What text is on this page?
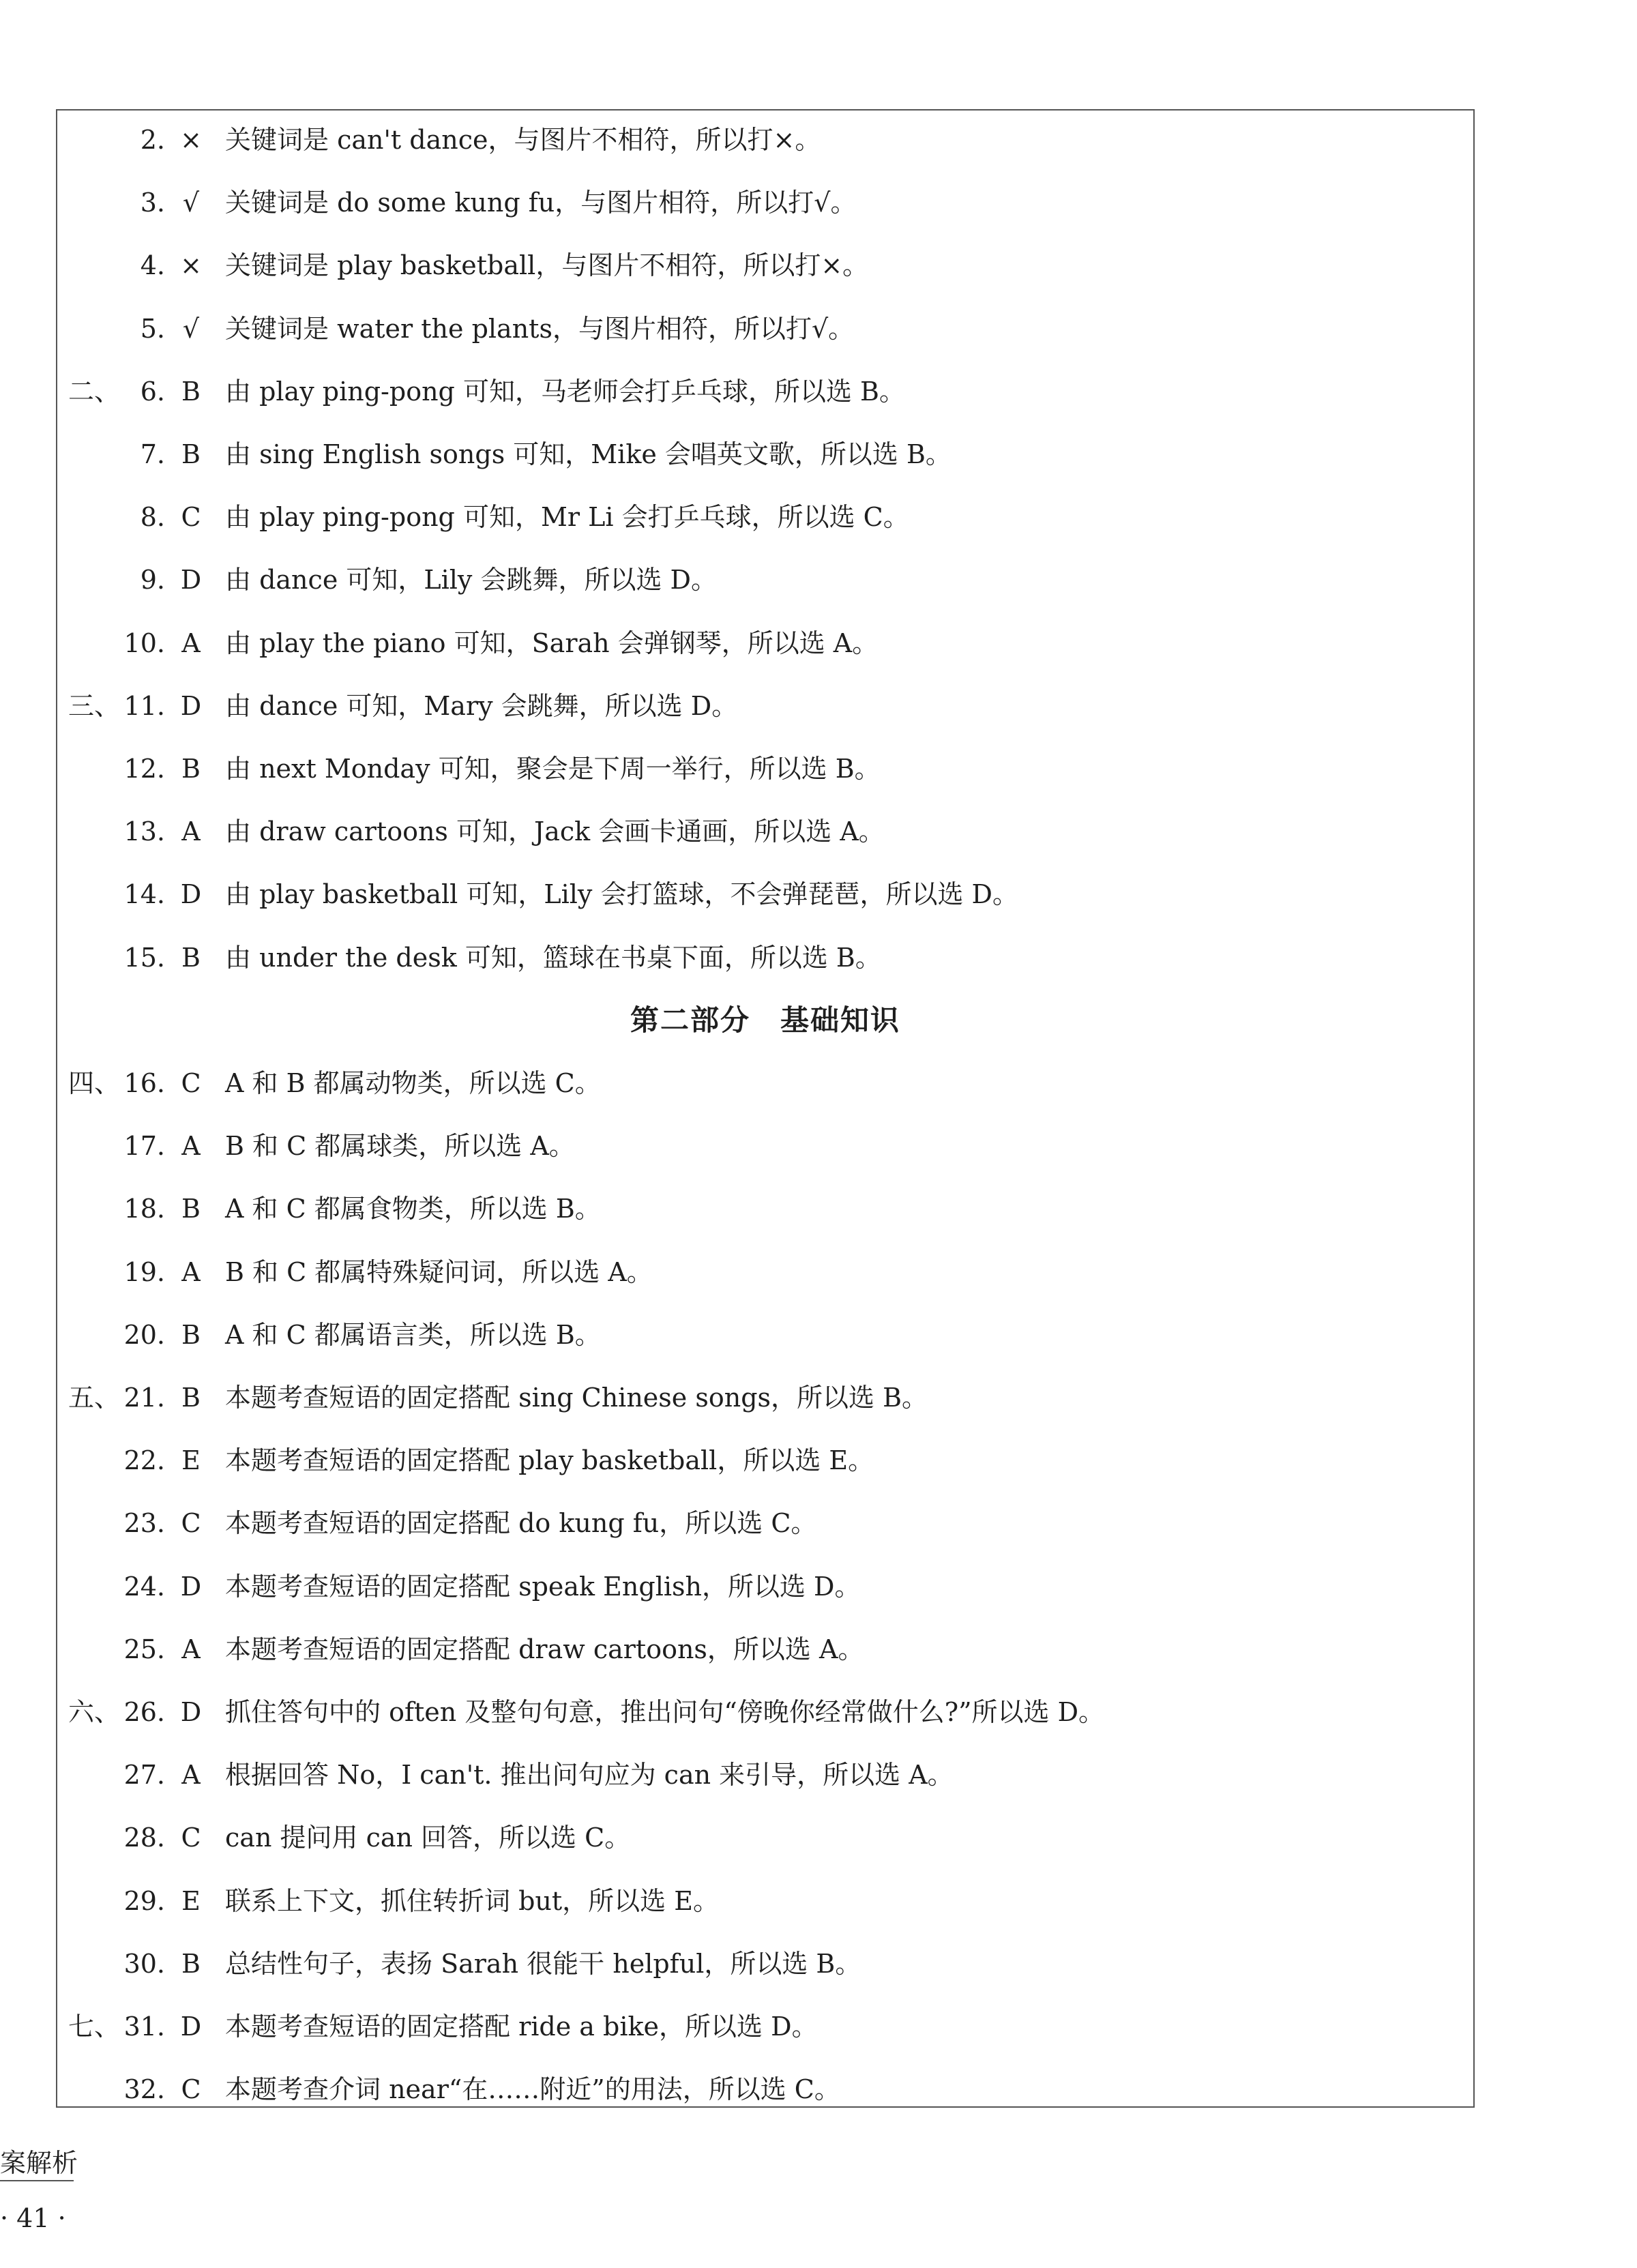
2. × 关键词是 can't dance，与图片不相符，所以打×。
3. √ 关键词是 do some kung fu，与图片相符，所以打√。
4. × 关键词是 play basketball，与图片不相符，所以打×。
5. √ 关键词是 water the plants，与图片相符，所以打√。
二、 6. B 由 play ping-pong 可知，马老师会打乒乓球，所以选 B。
7. B 由 sing English songs 可知，Mike 会唱英文歌，所以选 B。
8. C 由 play ping-pong 可知，Mr Li 会打乒乓球，所以选 C。
9. D 由 dance 可知，Lily 会跳舞，所以选 D。
10. A 由 play the piano 可知，Sarah 会弹钢琴，所以选 A。
三、 11. D 由 dance 可知，Mary 会跳舞，所以选 D。
12. B 由 next Monday 可知，聚会是下周一举行，所以选 B。
13. A 由 draw cartoons 可知，Jack 会画卡通画，所以选 A。
14. D 由 play basketball 可知，Lily 会打篮球，不会弹琵琶，所以选 D。
15. B 由 under the desk 可知，篮球在书桌下面，所以选 B。
四、 16. C A 和 B 都属动物类，所以选 C。
17. A B 和 C 都属球类，所以选 A。
18. B A 和 C 都属食物类，所以选 B。
19. A B 和 C 都属特殊疑问词，所以选 A。
20. B A 和 C 都属语言类，所以选 B。
五、 21. B 本题考查短语的固定搭配 sing Chinese songs，所以选 B。
22. E 本题考查短语的固定搭配 play basketball，所以选 E。
23. C 本题考查短语的固定搭配 do kung fu，所以选 C。
24. D 本题考查短语的固定搭配 speak English，所以选 D。
25. A 本题考查短语的固定搭配 draw cartoons，所以选 A。
六、 26. D 抓住答句中的 often 及整句句意，推出问句“傍晚你经常做什么?”所以选 D。
27. A 根据回答 No，I can't. 推出问句应为 can 来引导，所以选 A。
28. C can 提问用 can 回答，所以选 C。
29. E 联系上下文，抓住转折词 but，所以选 E。
30. B 总结性句子，表扬 Sarah 很能干 helpful，所以选 B。
七、 31. D 本题考查短语的固定搭配 ride a bike，所以选 D。
32. C 本题考查介词 near“在……附近”的用法，所以选 C。
第二部分　基础知识
案解析
· 41 ·
